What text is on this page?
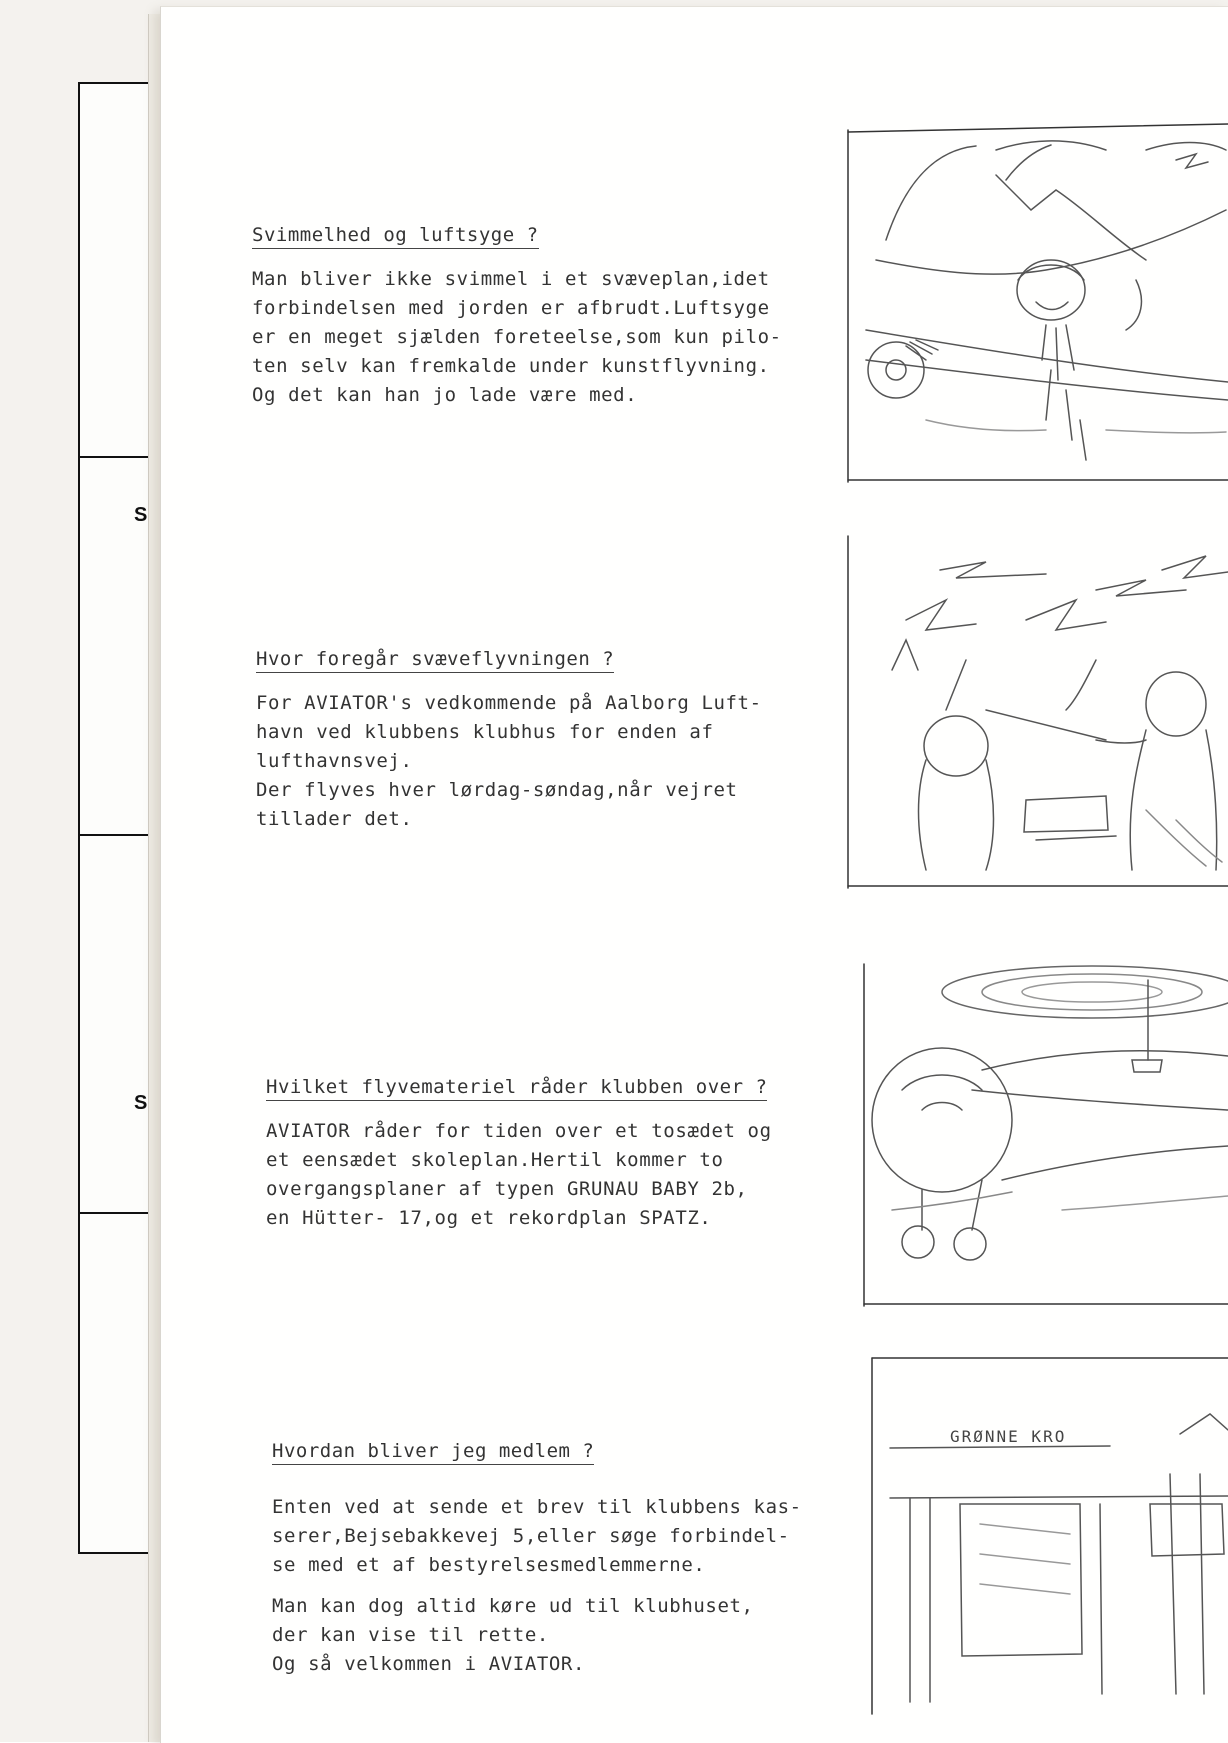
S
S
Svimmelhed og luftsyge ?
Man bliver ikke svimmel i et svæveplan,idet
forbindelsen med jorden er afbrudt.Luftsyge
er en meget sjælden foreteelse,som kun pilo-
ten selv kan fremkalde under kunstflyvning.
Og det kan han jo lade være med.
Hvor foregår svæveflyvningen ?
For AVIATOR's vedkommende på Aalborg Luft-
havn ved klubbens klubhus for enden af
lufthavnsvej.
Der flyves hver lørdag-søndag,når vejret
tillader det.
Hvilket flyvemateriel råder klubben over ?
AVIATOR råder for tiden over et tosædet og
et eensædet skoleplan.Hertil kommer to
overgangsplaner af typen GRUNAU BABY 2b,
en Hütter- 17,og et rekordplan SPATZ.
Hvordan bliver jeg medlem ?
Enten ved at sende et brev til klubbens kas-
serer,Bejsebakkevej 5,eller søge forbindel-
se med et af bestyrelsesmedlemmerne.
Man kan dog altid køre ud til klubhuset,
der kan vise til rette.
Og så velkommen i AVIATOR.
GRØNNE KRO
